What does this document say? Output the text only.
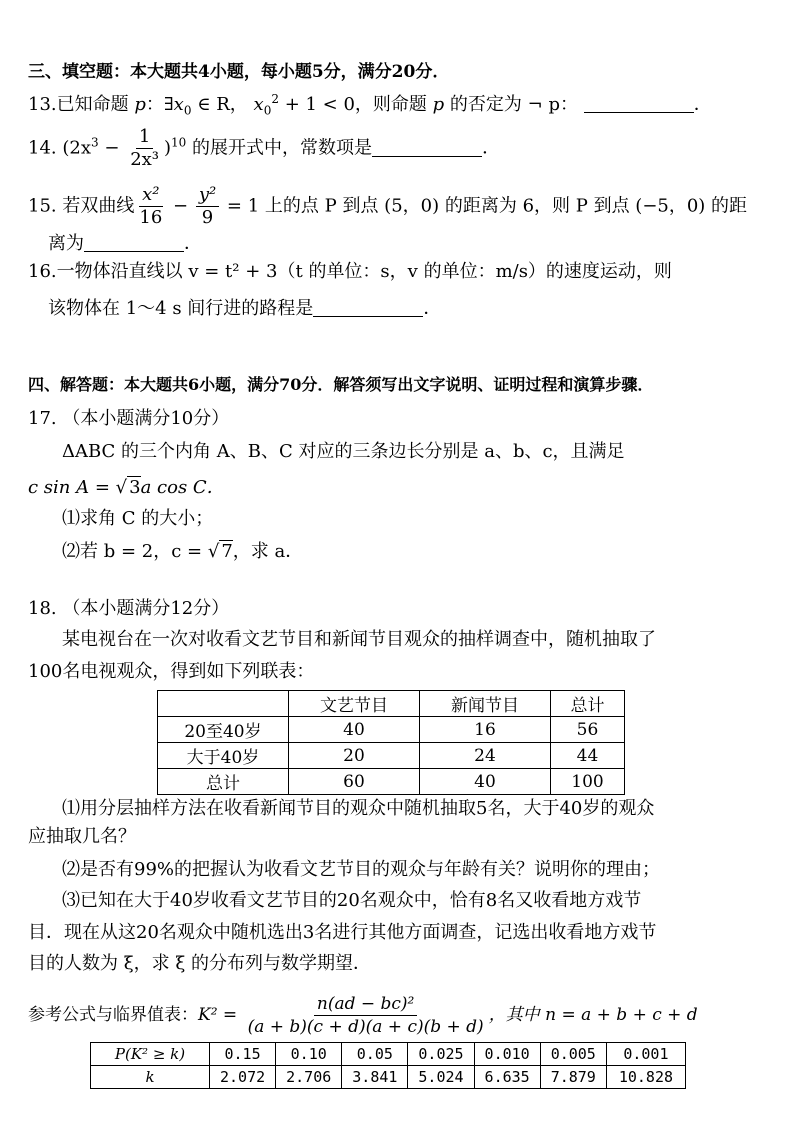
三、填空题：本大题共4小题，每小题5分，满分20分．
13.已知命题 p：$\exists x_0$ ∈ R， $x_0^2 + 1 < 0$，则命题 p 的否定为 ¬ p：	．
14. $(2x^3 - \frac{1}{\text{2x³}} )^{10}$ 的展开式中，常数项是	．
15. 若双曲线 $\frac{\text{x²}}{16} - \frac{\text{y²}}{9} = 1$ 上的点 P 到点 (5，0) 的距离为 6，则 P 到点 (−5，0) 的距
离为	．
16.一物体沿直线以 v = t² + 3（t 的单位：s，v 的单位：m/s）的速度运动，则
该物体在 1～4 s 间行进的路程是	．
四、解答题：本大题共6小题，满分70分．解答须写出文字说明、证明过程和演算步骤．
17. （本小题满分10分）
ΔABC 的三个内角 A、B、C 对应的三条边长分别是 a、b、c，且满足
c sin A = √ 3a cos C．
⑴求角 C 的大小；
⑵若 b = 2，c = √ 7，求 a．
18. （本小题满分12分）
某电视台在一次对收看文艺节目和新闻节目观众的抽样调查中，随机抽取了
100名电视观众，得到如下列联表：
	文艺节目	新闻节目	总计
20至40岁	40	16	56
大于40岁	20	24	44
总计	60	40	100
⑴用分层抽样方法在收看新闻节目的观众中随机抽取5名，大于40岁的观众
应抽取几名？
⑵是否有99%的把握认为收看文艺节目的观众与年龄有关？说明你的理由；
⑶已知在大于40岁收看文艺节目的20名观众中，恰有8名又收看地方戏节
目．现在从这20名观众中随机选出3名进行其他方面调查，记选出收看地方戏节
目的人数为 ξ，求 ξ 的分布列与数学期望．
参考公式与临界值表：$K^2 = \frac{\text{n(ad − bc)²}}{(a + b)(c + d)(a + c)(b + d)}$ ，其中 n = a + b + c + d
P(K² ≥ k)	0.15	0.10	0.05	0.025	0.010	0.005	0.001
k	2.072	2.706	3.841	5.024	6.635	7.879	10.828
